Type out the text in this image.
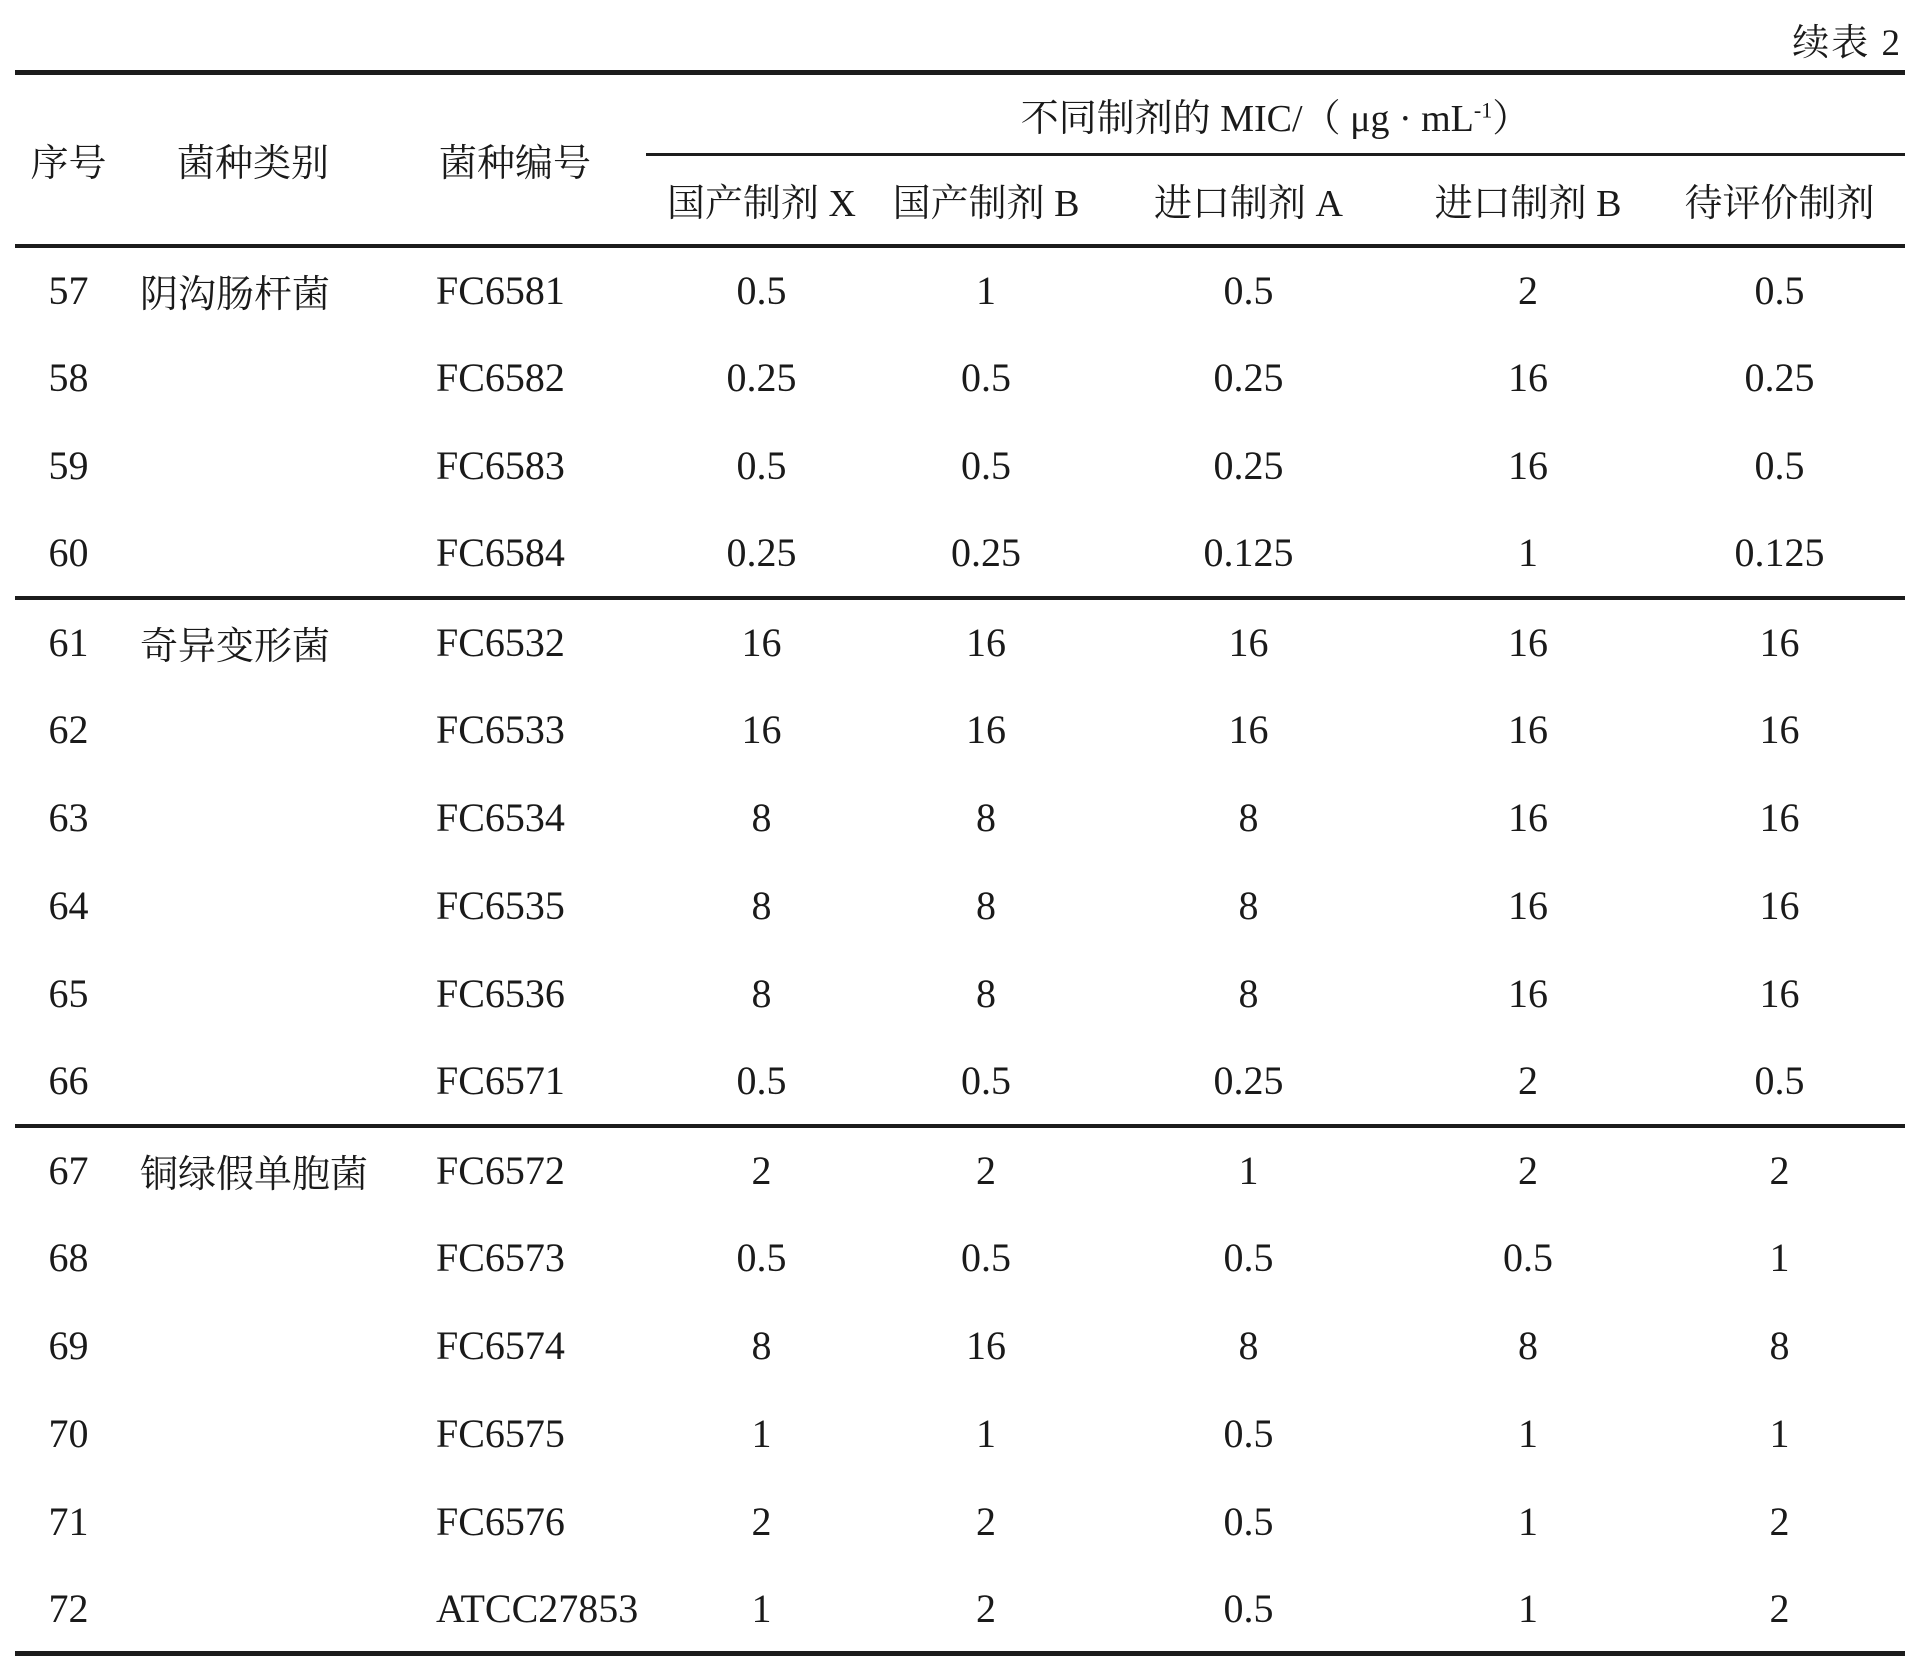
续表 2
序号	菌种类别	菌种编号	不同制剂的 MIC/（ $\mu g \cdot mL^{-1}$）				
			国产制剂 X	国产制剂 B	进口制剂 A	进口制剂 B	待评价制剂
57	阴沟肠杆菌	FC6581	0.5	1	0.5	2	0.5
58		FC6582	0.25	0.5	0.25	16	0.25
59		FC6583	0.5	0.5	0.25	16	0.5
60		FC6584	0.25	0.25	0.125	1	0.125
61	奇异变形菌	FC6532	16	16	16	16	16
62		FC6533	16	16	16	16	16
63		FC6534	8	8	8	16	16
64		FC6535	8	8	8	16	16
65		FC6536	8	8	8	16	16
66		FC6571	0.5	0.5	0.25	2	0.5
67	铜绿假单胞菌	FC6572	2	2	1	2	2
68		FC6573	0.5	0.5	0.5	0.5	1
69		FC6574	8	16	8	8	8
70		FC6575	1	1	0.5	1	1
71		FC6576	2	2	0.5	1	2
72		ATCC27853	1	2	0.5	1	2
